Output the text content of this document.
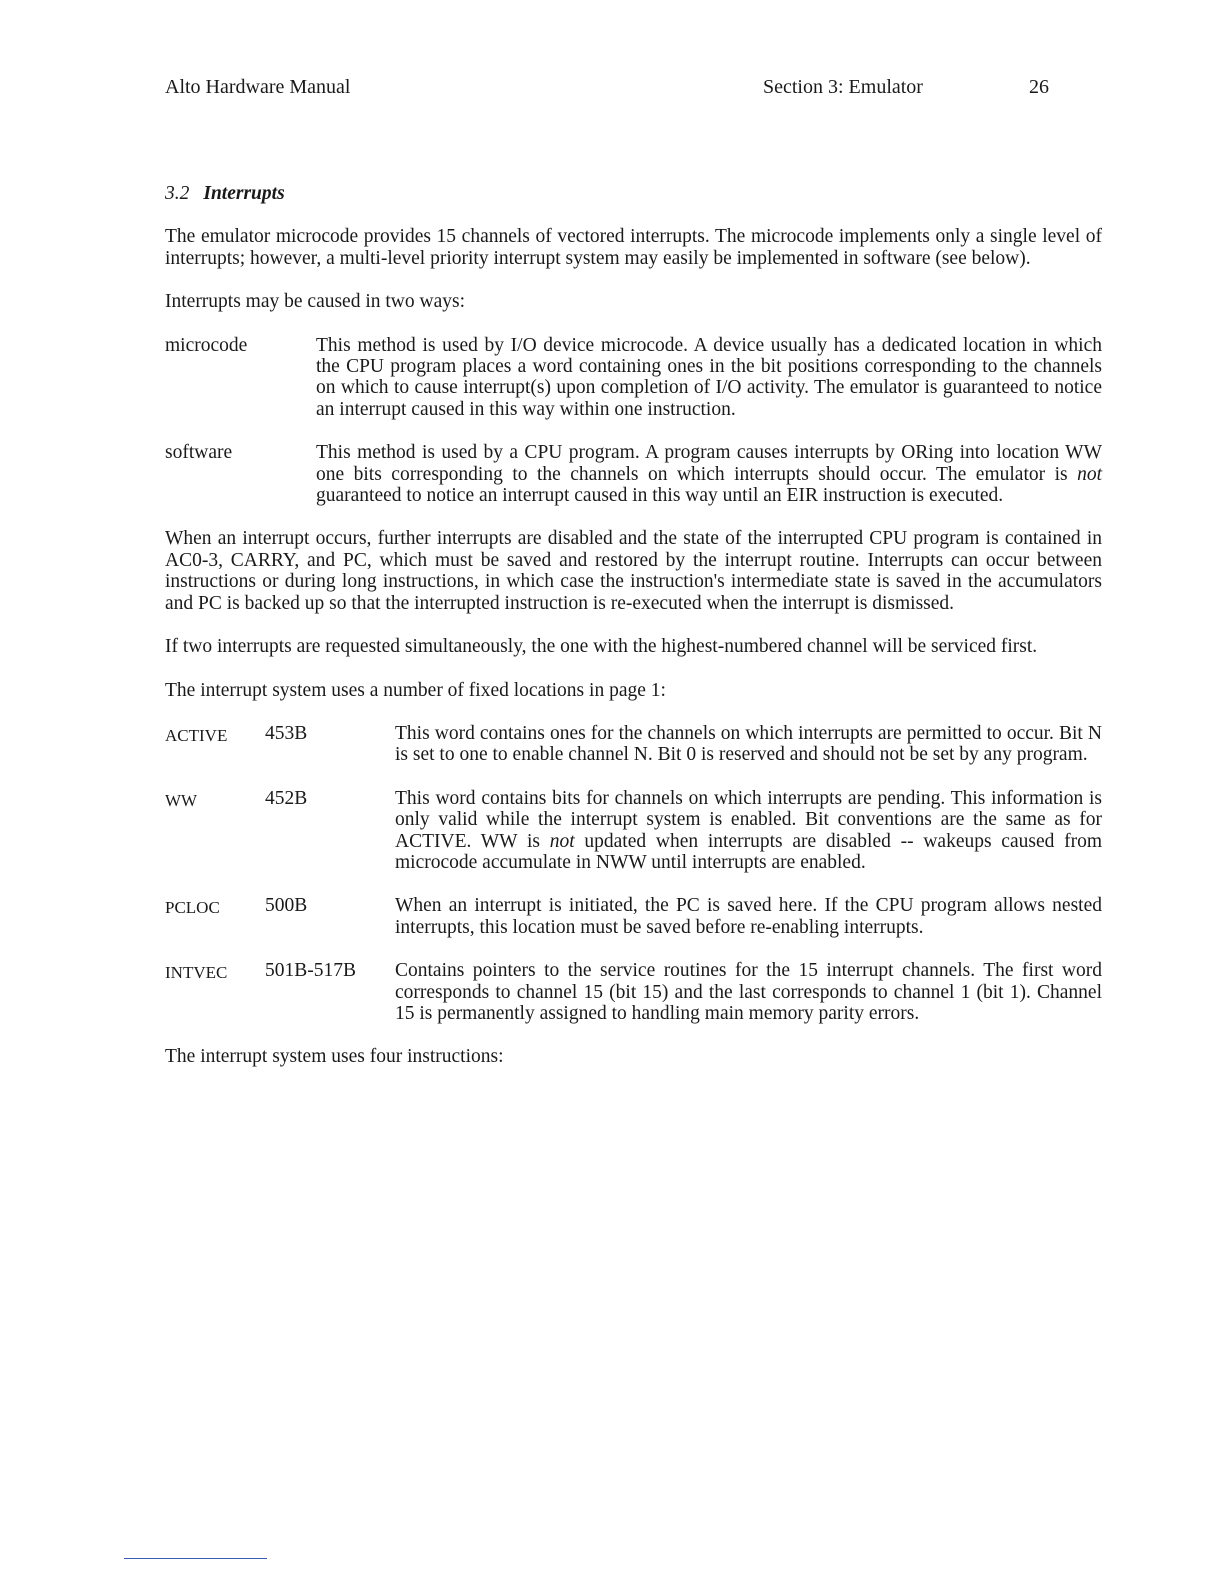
Alto Hardware Manual	Section 3: Emulator	26
3.2 Interrupts

The emulator microcode provides 15 channels of vectored interrupts. The microcode implements only a single level of interrupts; however, a multi-level priority interrupt system may easily be implemented in software (see below).

Interrupts may be caused in two ways:

microcode	This method is used by I/O device microcode. A device usually has a dedicated location in which the CPU program places a word containing ones in the bit positions corresponding to the channels on which to cause interrupt(s) upon completion of I/O activity. The emulator is guaranteed to notice an interrupt caused in this way within one instruction.
software	This method is used by a CPU program. A program causes interrupts by ORing into location WW one bits corresponding to the channels on which interrupts should occur. The emulator is not guaranteed to notice an interrupt caused in this way until an EIR instruction is executed.

When an interrupt occurs, further interrupts are disabled and the state of the interrupted CPU program is contained in AC0-3, CARRY, and PC, which must be saved and restored by the interrupt routine. Interrupts can occur between instructions or during long instructions, in which case the instruction's intermediate state is saved in the accumulators and PC is backed up so that the interrupted instruction is re-executed when the interrupt is dismissed.

If two interrupts are requested simultaneously, the one with the highest-numbered channel will be serviced first.

The interrupt system uses a number of fixed locations in page 1:

ACTIVE	453B	This word contains ones for the channels on which interrupts are permitted to occur. Bit N is set to one to enable channel N. Bit 0 is reserved and should not be set by any program.
WW	452B	This word contains bits for channels on which interrupts are pending. This information is only valid while the interrupt system is enabled. Bit conventions are the same as for ACTIVE. WW is not updated when interrupts are disabled -- wakeups caused from microcode accumulate in NWW until interrupts are enabled.
PCLOC	500B	When an interrupt is initiated, the PC is saved here. If the CPU program allows nested interrupts, this location must be saved before re-enabling interrupts.
INTVEC	501B-517B	Contains pointers to the service routines for the 15 interrupt channels. The first word corresponds to channel 15 (bit 15) and the last corresponds to channel 1 (bit 1). Channel 15 is permanently assigned to handling main memory parity errors.

The interrupt system uses four instructions:
